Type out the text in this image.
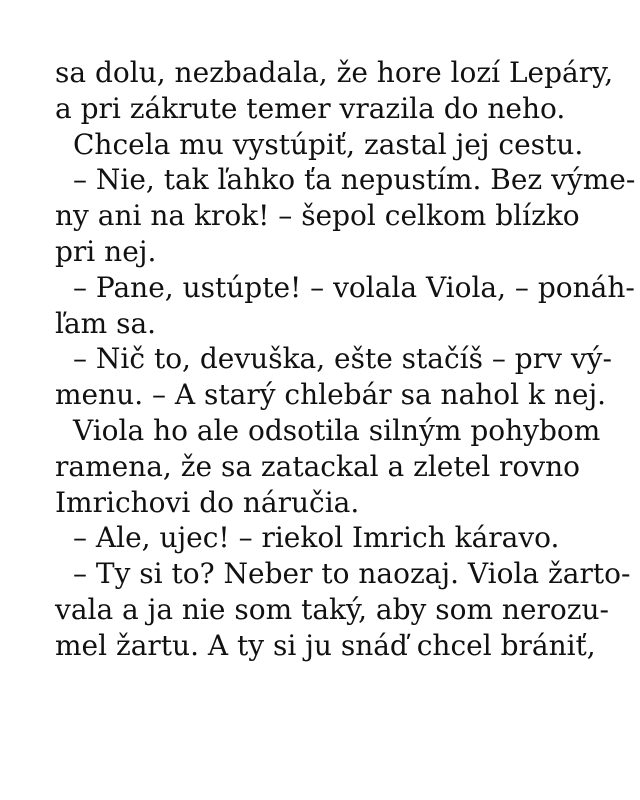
sa dolu, nezbadala, že hore lozí Lepáry,
a pri zákrute temer vrazila do neho.
Chcela mu vystúpiť, zastal jej cestu.
– Nie, tak ľahko ťa nepustím. Bez výme-
ny ani na krok! – šepol celkom blízko
pri nej.
– Pane, ustúpte! – volala Viola, – ponáh-
ľam sa.
– Nič to, devuška, ešte stačíš – prv vý-
menu. – A starý chlebár sa nahol k nej.
Viola ho ale odsotila silným pohybom
ramena, že sa zatackal a zletel rovno
Imrichovi do náručia.
– Ale, ujec! – riekol Imrich káravo.
– Ty si to? Neber to naozaj. Viola žarto-
vala a ja nie som taký, aby som nerozu-
mel žartu. A ty si ju snáď chcel brániť,
